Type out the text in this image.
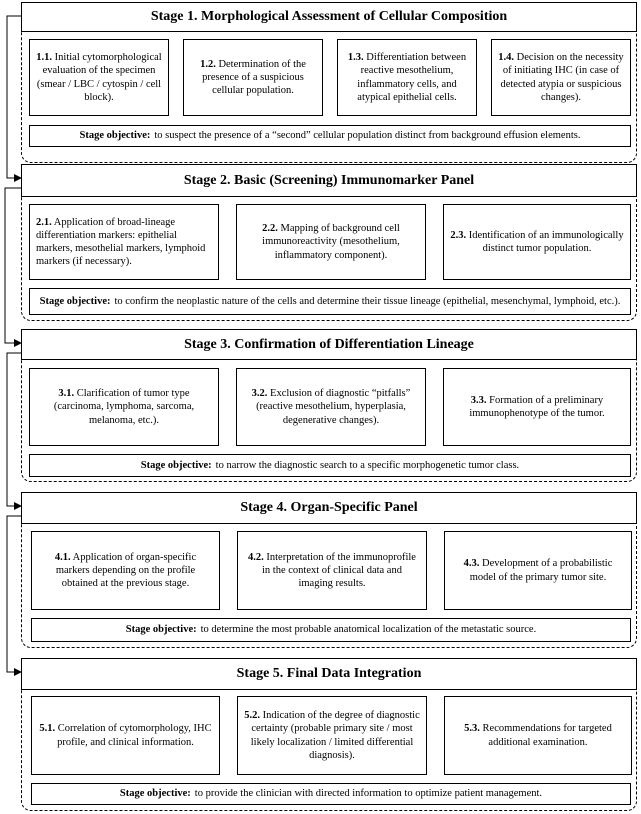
Stage 1. Morphological Assessment of Cellular Composition
1.1. Initial cytomorphological evaluation of the specimen (smear / LBC / cytospin / cell block).
1.2. Determination of the presence of a suspicious cellular population.
1.3. Differentiation between reactive mesothelium, inflammatory cells, and atypical epithelial cells.
1.4. Decision on the necessity of initiating IHC (in case of detected atypia or suspicious changes).
Stage objective: to suspect the presence of a “second” cellular population distinct from background effusion elements.
Stage 2. Basic (Screening) Immunomarker Panel
2.1. Application of broad-lineage differentiation markers: epithelial markers, mesothelial markers, lymphoid markers (if necessary).
2.2. Mapping of background cell immunoreactivity (mesothelium, inflammatory component).
2.3. Identification of an immunologically distinct tumor population.
Stage objective: to confirm the neoplastic nature of the cells and determine their tissue lineage (epithelial, mesenchymal, lymphoid, etc.).
Stage 3. Confirmation of Differentiation Lineage
3.1. Clarification of tumor type (carcinoma, lymphoma, sarcoma, melanoma, etc.).
3.2. Exclusion of diagnostic “pitfalls” (reactive mesothelium, hyperplasia, degenerative changes).
3.3. Formation of a preliminary immunophenotype of the tumor.
Stage objective: to narrow the diagnostic search to a specific morphogenetic tumor class.
Stage 4. Organ-Specific Panel
4.1. Application of organ-specific markers depending on the profile obtained at the previous stage.
4.2. Interpretation of the immunoprofile in the context of clinical data and imaging results.
4.3. Development of a probabilistic model of the primary tumor site.
Stage objective: to determine the most probable anatomical localization of the metastatic source.
Stage 5. Final Data Integration
5.1. Correlation of cytomorphology, IHC profile, and clinical information.
5.2. Indication of the degree of diagnostic certainty (probable primary site / most likely localization / limited differential diagnosis).
5.3. Recommendations for targeted additional examination.
Stage objective: to provide the clinician with directed information to optimize patient management.
